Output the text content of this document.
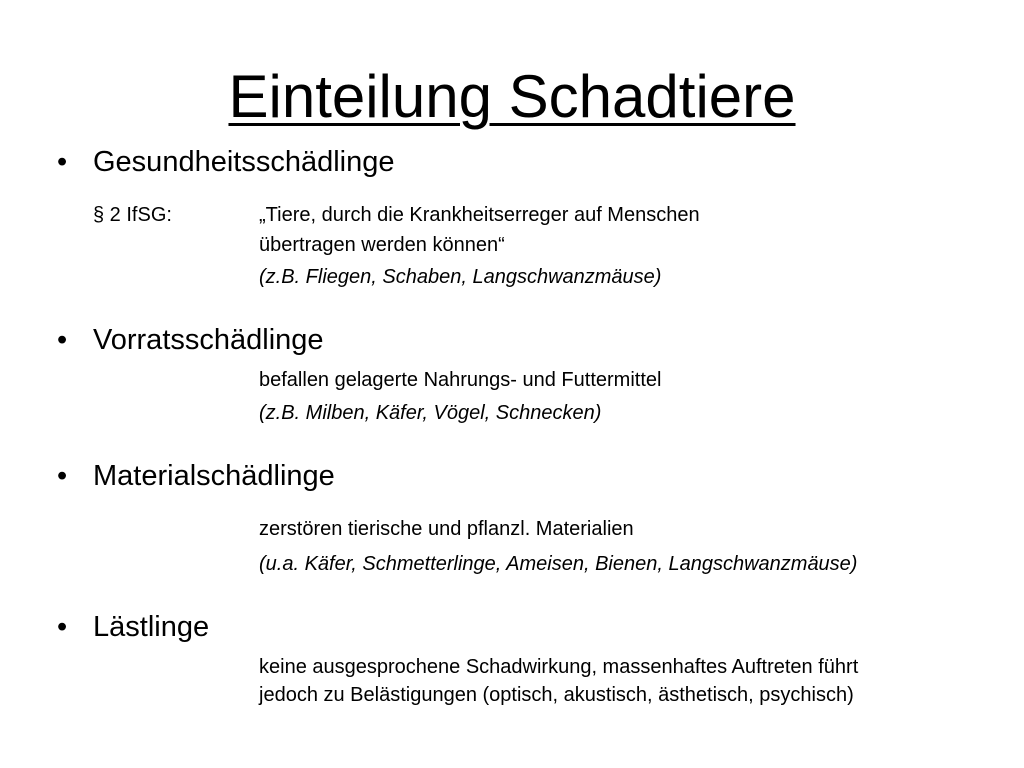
Einteilung Schadtiere
• Gesundheitsschädlinge
§ 2 IfSG:	„Tiere, durch die Krankheitserreger auf Menschen
übertragen werden können“
(z.B. Fliegen, Schaben, Langschwanzmäuse)
• Vorratsschädlinge
befallen gelagerte Nahrungs- und Futtermittel
(z.B. Milben, Käfer, Vögel, Schnecken)
• Materialschädlinge
zerstören tierische und pflanzl. Materialien
(u.a. Käfer, Schmetterlinge, Ameisen, Bienen, Langschwanzmäuse)
• Lästlinge
keine ausgesprochene Schadwirkung, massenhaftes Auftreten führt
jedoch zu Belästigungen (optisch, akustisch, ästhetisch, psychisch)
